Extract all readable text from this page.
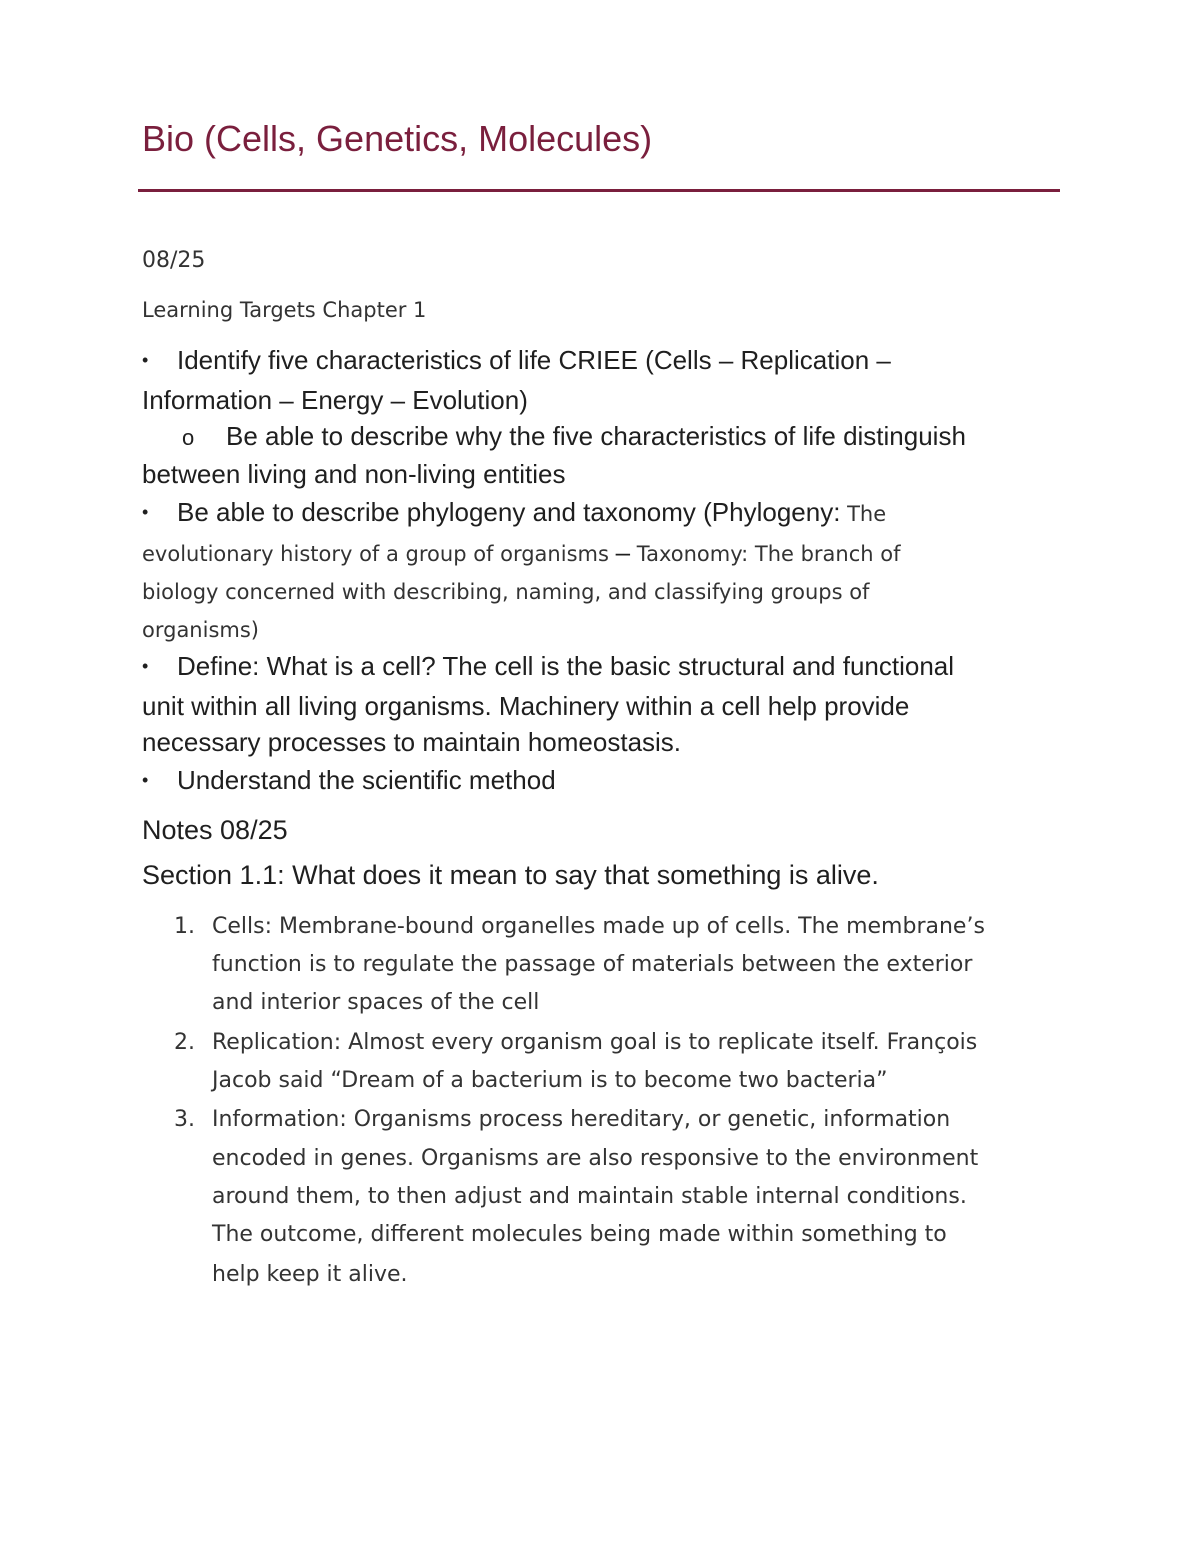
Bio (Cells, Genetics, Molecules)
08/25
Learning Targets Chapter 1
• Identify five characteristics of life CRIEE (Cells – Replication –
Information – Energy – Evolution)
o Be able to describe why the five characteristics of life distinguish
between living and non-living entities
• Be able to describe phylogeny and taxonomy (Phylogeny: The
evolutionary history of a group of organisms – Taxonomy: The branch of
biology concerned with describing, naming, and classifying groups of
organisms)
• Define: What is a cell? The cell is the basic structural and functional
unit within all living organisms. Machinery within a cell help provide
necessary processes to maintain homeostasis.
• Understand the scientific method
Notes 08/25
Section 1.1: What does it mean to say that something is alive.
1. Cells: Membrane-bound organelles made up of cells. The membrane’s
function is to regulate the passage of materials between the exterior
and interior spaces of the cell
2. Replication: Almost every organism goal is to replicate itself. François
Jacob said “Dream of a bacterium is to become two bacteria”
3. Information: Organisms process hereditary, or genetic, information
encoded in genes. Organisms are also responsive to the environment
around them, to then adjust and maintain stable internal conditions.
The outcome, different molecules being made within something to
help keep it alive.
